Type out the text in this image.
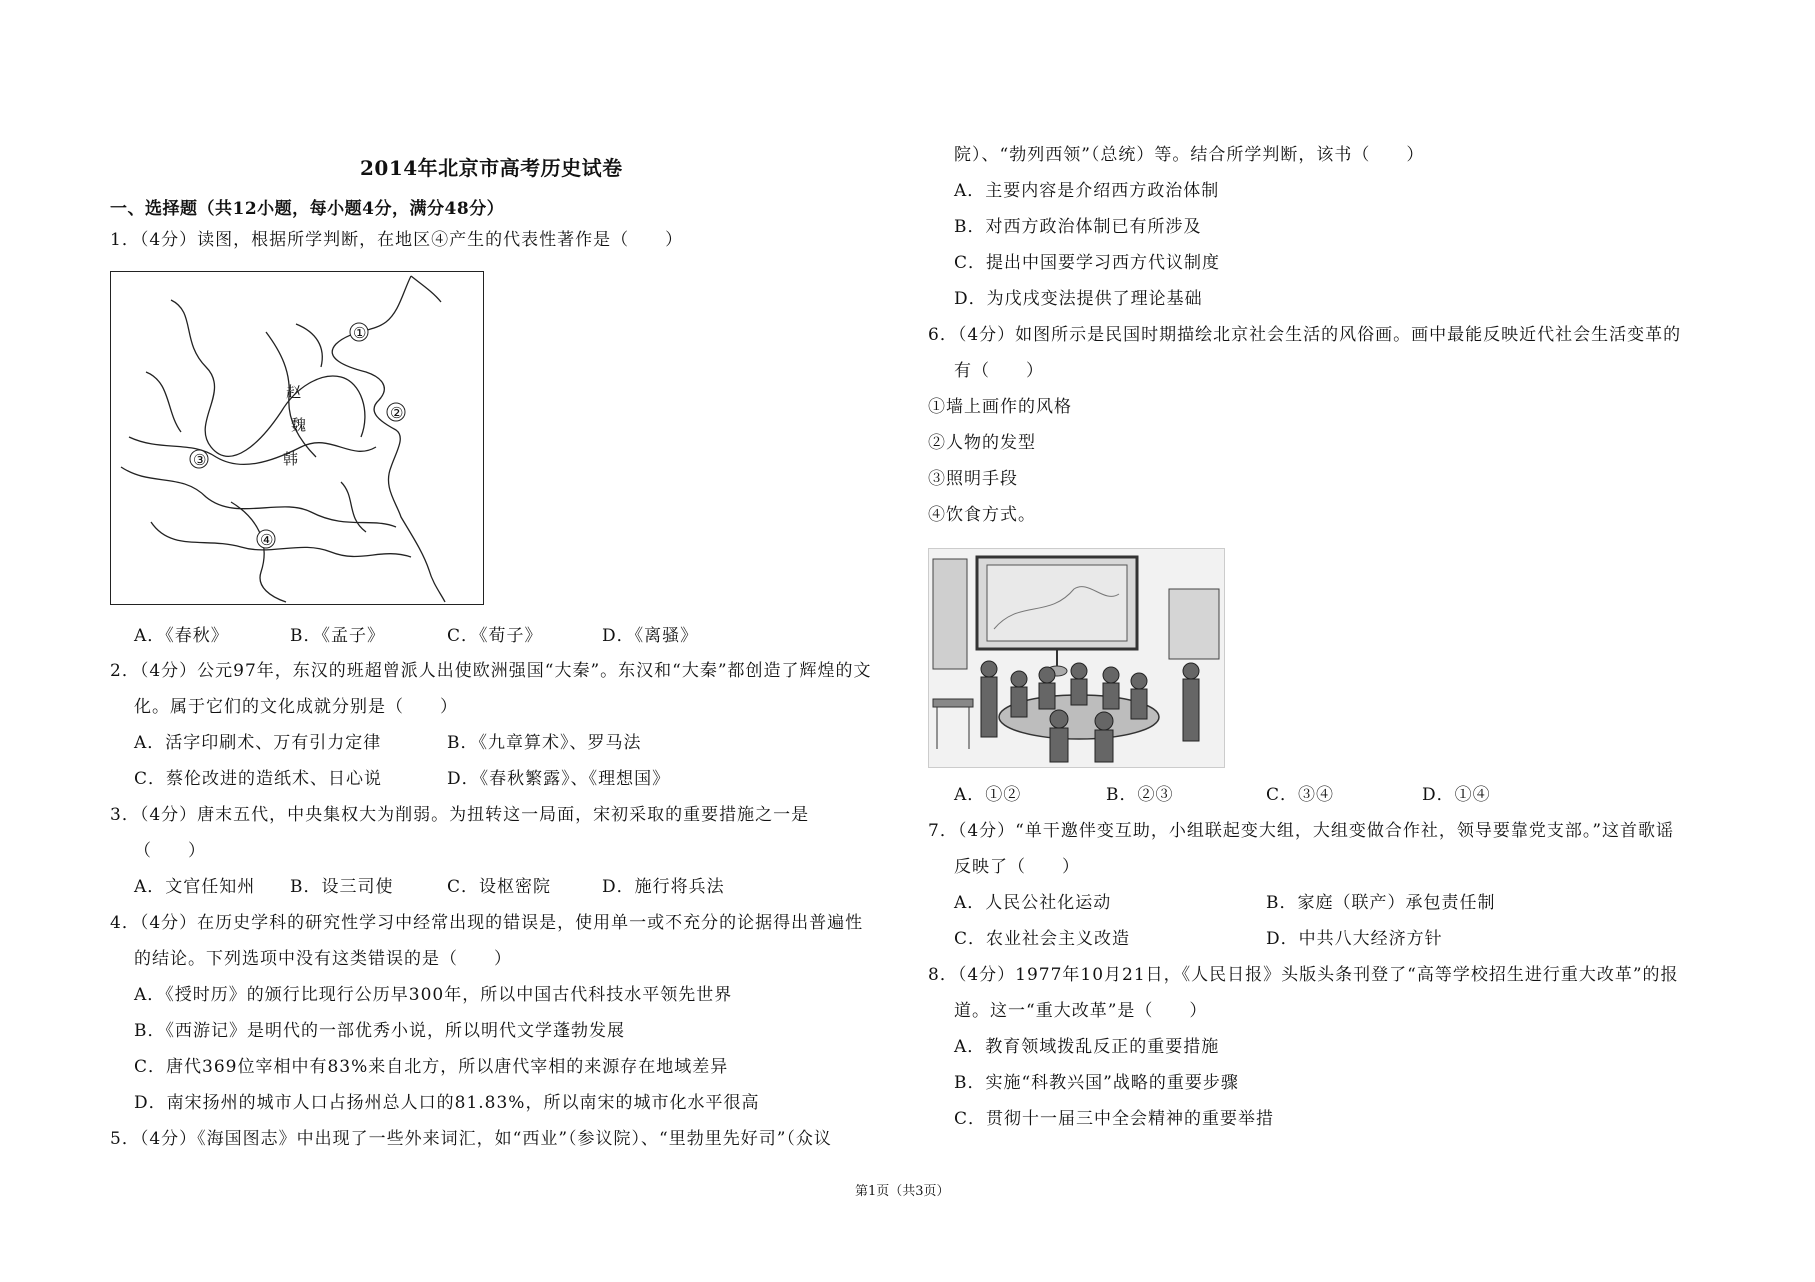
2014年北京市高考历史试卷
一、选择题（共12小题，每小题4分，满分48分）
1．（4分）读图，根据所学判断，在地区④产生的代表性著作是（　　）
①
②
③
④
赵
魏
韩
A．《春秋》	B．《孟子》	C．《荀子》	D．《离骚》
2．（4分）公元97年，东汉的班超曾派人出使欧洲强国“大秦”。东汉和“大秦”都创造了辉煌的文
化。属于它们的文化成就分别是（　　）
A．活字印刷术、万有引力定律	B．《九章算术》、罗马法
C．蔡伦改进的造纸术、日心说	D．《春秋繁露》、《理想国》
3．（4分）唐末五代，中央集权大为削弱。为扭转这一局面，宋初采取的重要措施之一是
（　　）
A．文官任知州 B．设三司使	C．设枢密院	D．施行将兵法
4．（4分）在历史学科的研究性学习中经常出现的错误是，使用单一或不充分的论据得出普遍性
的结论。下列选项中没有这类错误的是（　　）
A．《授时历》的颁行比现行公历早300年，所以中国古代科技水平领先世界
B．《西游记》是明代的一部优秀小说，所以明代文学蓬勃发展
C．唐代369位宰相中有83%来自北方，所以唐代宰相的来源存在地域差异
D．南宋扬州的城市人口占扬州总人口的81.83%，所以南宋的城市化水平很高
5．（4分）《海国图志》中出现了一些外来词汇，如“西业”（参议院）、“里勃里先好司”（众议
院）、“勃列西领”（总统）等。结合所学判断，该书（　　）
A．主要内容是介绍西方政治体制
B．对西方政治体制已有所涉及
C．提出中国要学习西方代议制度
D．为戊戌变法提供了理论基础
6．（4分）如图所示是民国时期描绘北京社会生活的风俗画。画中最能反映近代社会生活变革的
有（　　）
①墙上画作的风格
②人物的发型
③照明手段
④饮食方式。
A．①②	B．②③	C．③④	D．①④
7．（4分）“单干邀伴变互助，小组联起变大组，大组变做合作社，领导要靠党支部。”这首歌谣
反映了（　　）
A．人民公社化运动	B．家庭（联产）承包责任制
C．农业社会主义改造	D．中共八大经济方针
8．（4分）1977年10月21日，《人民日报》头版头条刊登了“高等学校招生进行重大改革”的报
道。这一“重大改革”是（　　）
A．教育领域拨乱反正的重要措施
B．实施“科教兴国”战略的重要步骤
C．贯彻十一届三中全会精神的重要举措
第1页（共3页）
